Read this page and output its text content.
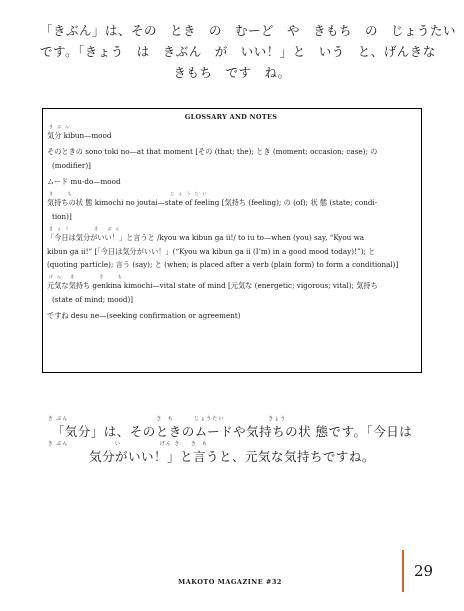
「きぶん」は、その　とき　の　むーど　や　きもち　の　じょうたい
です。「きょう　は　きぶん　が　いい！」と　いう　と、げんきな
きもち　です　ね。
GLOSSARY AND NOTES
きぶん
気分 kibun—mood
そのときの sono toki no—at that moment [その (that; the); とき (moment; occasion; case); の
(modifier)]
ムード mu-do—mood
き  も                  じょうたい
気持ちの状 態 kimochi no joutai—state of feeling [気持ち (feeling); の (of); 状 態 (state; condi-
tion)]
きょう    き ぶん
「今日は気分がいい！」と言うと /kyou wa kibun ga ii!/ to iu to—when (you) say, “Kyou wa
kibun ga ii!” [「今日は気分がいい！」(“Kyou wa kibun ga ii (I’m) in a good mood today)!”); と
(quoting particle); 言う (say); と (when; is placed after a verb (plain form) to form a conditional)]
げん き    き  も
元気な気持ち genkina kimochi—vital state of mind [元気な (energetic; vigorous; vital); 気持ち
(state of mind; mood)]
ですね desu ne—(seeking confirmation or agreement)
き ぶん                                  き  も        じょうたい                 きょう
「気分」は、そのときのムードや気持ちの状 態です。「今日は
き ぶん                  い               げん き    き  も
気分がいい！」と言うと、元気な気持ちですね。
MAKOTO MAGAZINE #32
29
